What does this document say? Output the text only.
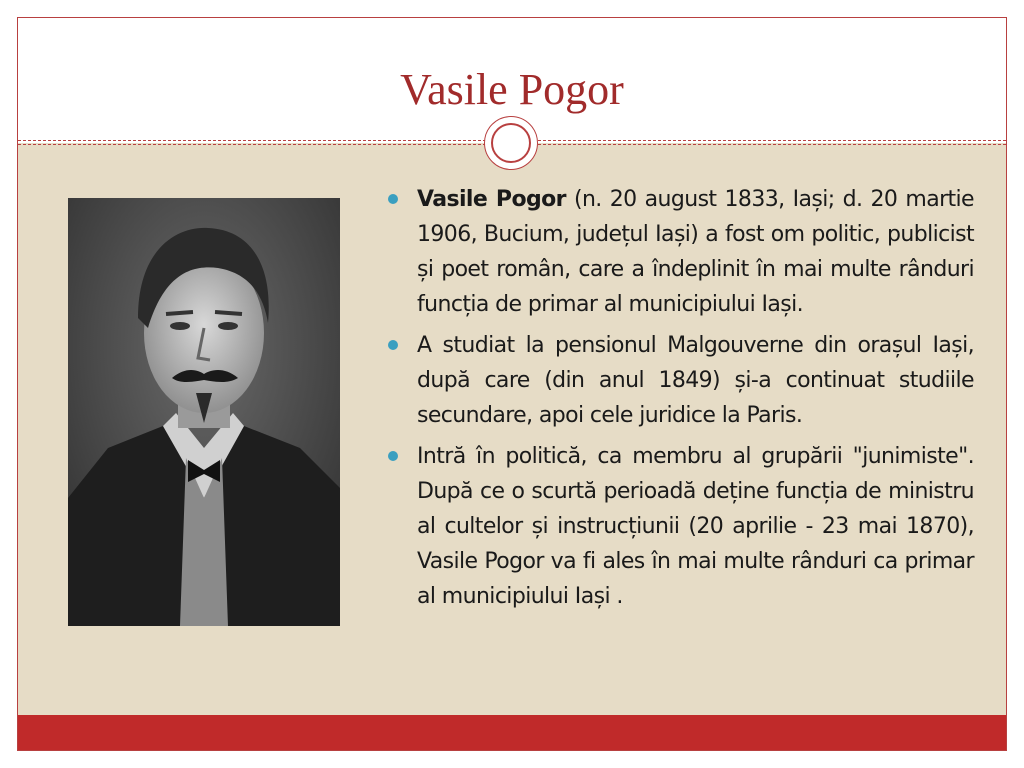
Vasile Pogor
Vasile Pogor (n. 20 august 1833, Iași; d. 20 martie 1906, Bucium, județul Iași) a fost om politic, publicist și poet român, care a îndeplinit în mai multe rânduri funcția de primar al municipiului Iași.
A studiat la pensionul Malgouverne din orașul Iași, după care (din anul 1849) și-a continuat studiile secundare, apoi cele juridice la Paris.
Intră în politică, ca membru al grupării "junimiste". După ce o scurtă perioadă deține funcția de ministru al cultelor și instrucțiunii (20 aprilie - 23 mai 1870), Vasile Pogor va fi ales în mai multe rânduri ca primar al municipiului Iași .
